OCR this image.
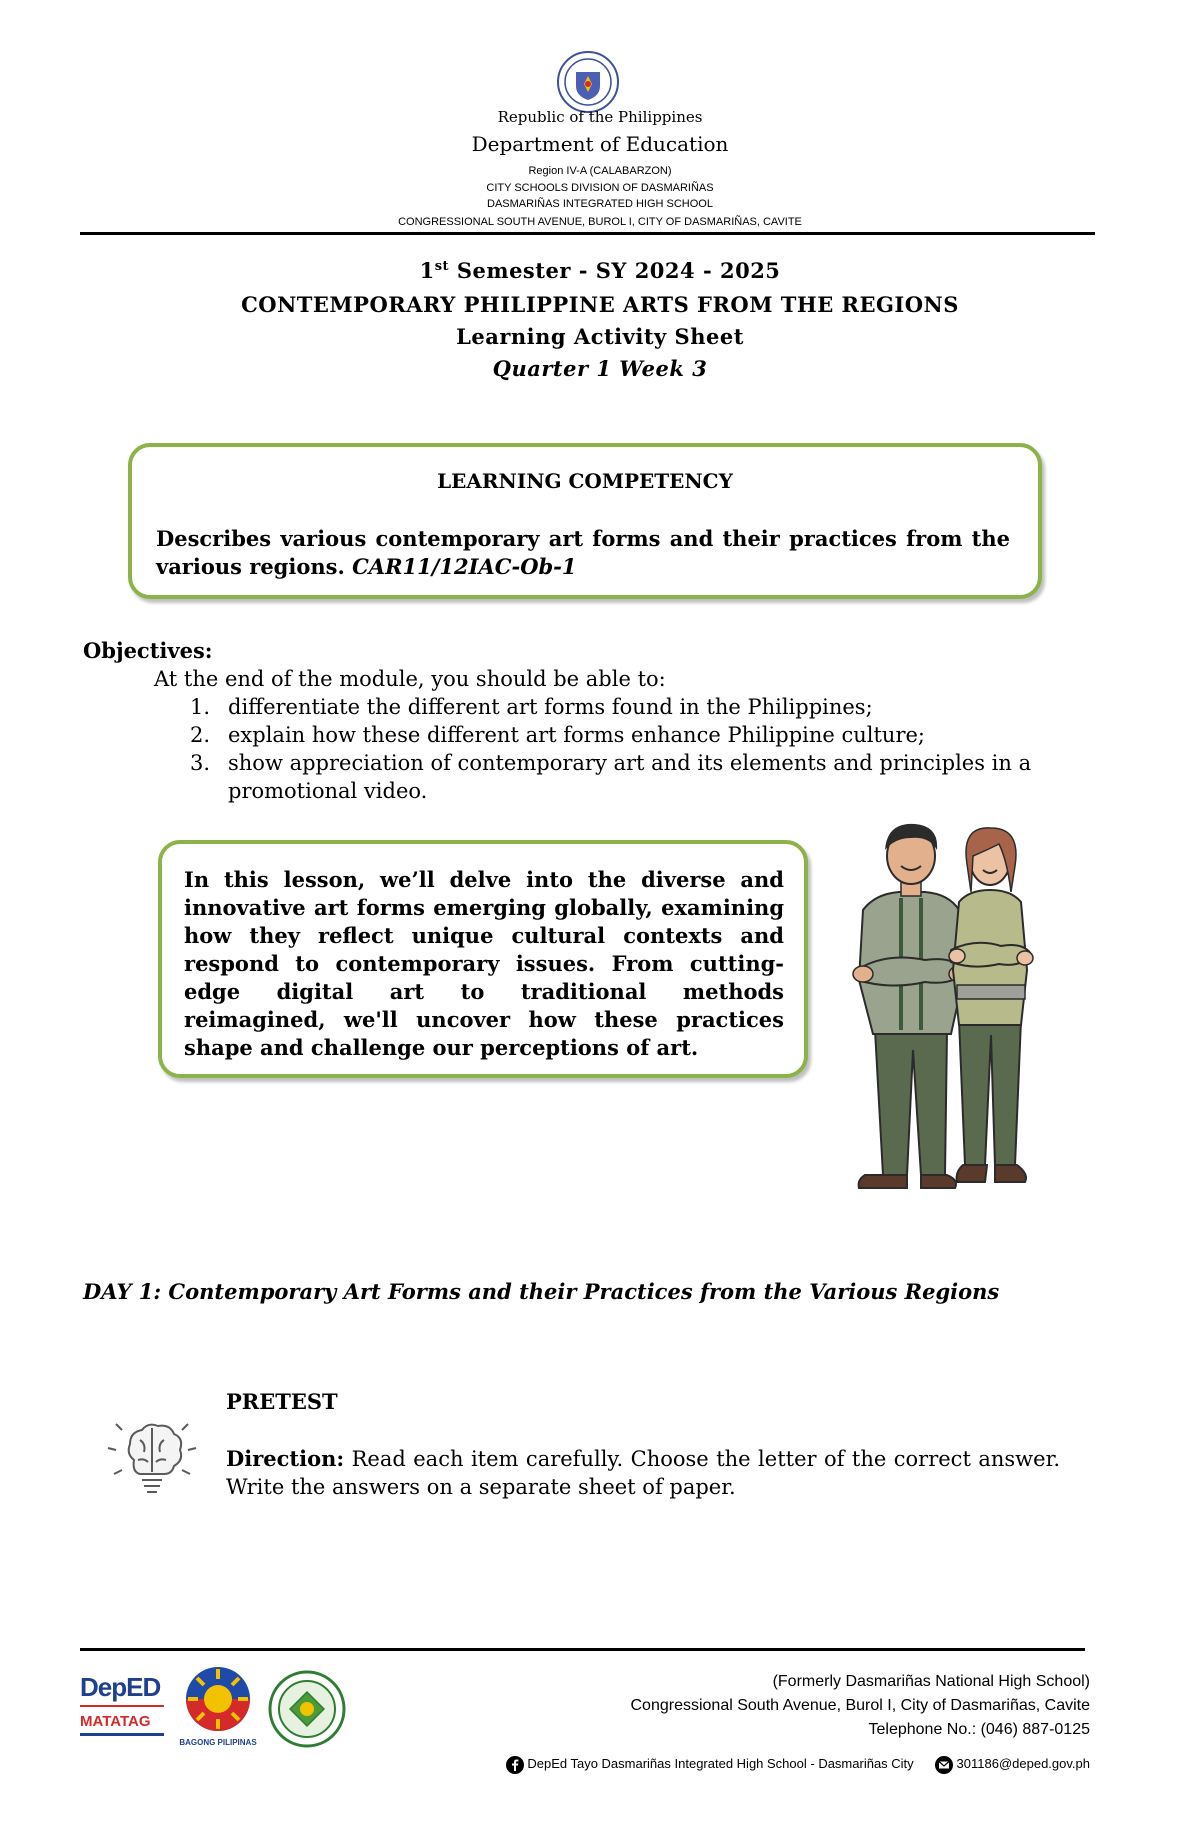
Republic of the Philippines
Department of Education
Region IV-A (CALABARZON)
CITY SCHOOLS DIVISION OF DASMARIÑAS
DASMARIÑAS INTEGRATED HIGH SCHOOL
CONGRESSIONAL SOUTH AVENUE, BUROL I, CITY OF DASMARIÑAS, CAVITE
1st Semester - SY 2024 - 2025
CONTEMPORARY PHILIPPINE ARTS FROM THE REGIONS
Learning Activity Sheet
Quarter 1 Week 3
LEARNING COMPETENCY
Describes various contemporary art forms and their practices from the various regions. CAR11/12IAC-Ob-1
Objectives:
At the end of the module, you should be able to:
1. differentiate the different art forms found in the Philippines;
2. explain how these different art forms enhance Philippine culture;
3. show appreciation of contemporary art and its elements and principles in a promotional video.
In this lesson, we’ll delve into the diverse and innovative art forms emerging globally, examining how they reflect unique cultural contexts and respond to contemporary issues. From cutting-edge digital art to traditional methods reimagined, we'll uncover how these practices shape and challenge our perceptions of art.
DAY 1: Contemporary Art Forms and their Practices from the Various Regions
PRETEST
Direction: Read each item carefully. Choose the letter of the correct answer. Write the answers on a separate sheet of paper.
DepED
MATATAG
BAGONG PILIPINAS
(Formerly Dasmariñas National High School)
Congressional South Avenue, Burol I, City of Dasmariñas, Cavite
Telephone No.: (046) 887-0125
DepEd Tayo Dasmariñas Integrated High School - Dasmariñas City	301186@deped.gov.ph
